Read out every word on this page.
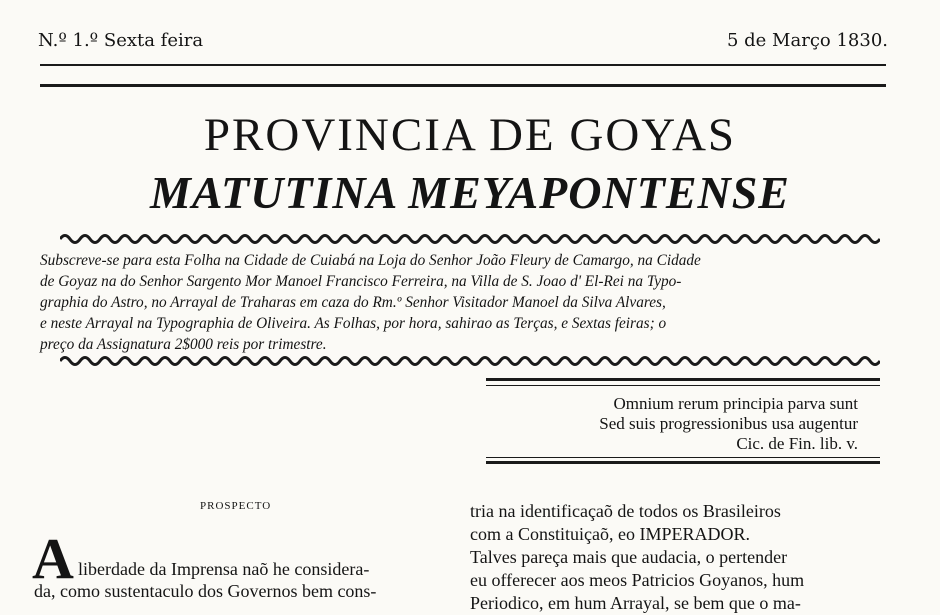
N.º 1.º Sexta feira	5 de Março 1830.
PROVINCIA DE GOYAS
MATUTINA MEYAPONTENSE
Subscreve-se para esta Folha na Cidade de Cuiabá na Loja do Senhor João Fleury de Camargo, na Cidade
de Goyaz na do Senhor Sargento Mor Manoel Francisco Ferreira, na Villa de S. Joao d' El-Rei na Typo-
graphia do Astro, no Arrayal de Traharas em caza do Rm.º Senhor Visitador Manoel da Silva Alvares,
e neste Arrayal na Typographia de Oliveira. As Folhas, por hora, sahirao as Terças, e Sextas feiras; o
preço da Assignatura 2$000 reis por trimestre.
Omnium rerum principia parva sunt
Sed suis progressionibus usa augentur
Cic. de Fin. lib. v.
PROSPECTO
A liberdade da Imprensa naõ he considera-
da, como sustentaculo dos Governos bem cons-
tria na identificaçaõ de todos os Brasileiros
com a Constituiçaõ, eo IMPERADOR.
Talves pareça mais que audacia, o pertender
eu offerecer aos meos Patricios Goyanos, hum
Periodico, em hum Arrayal, se bem que o ma-
